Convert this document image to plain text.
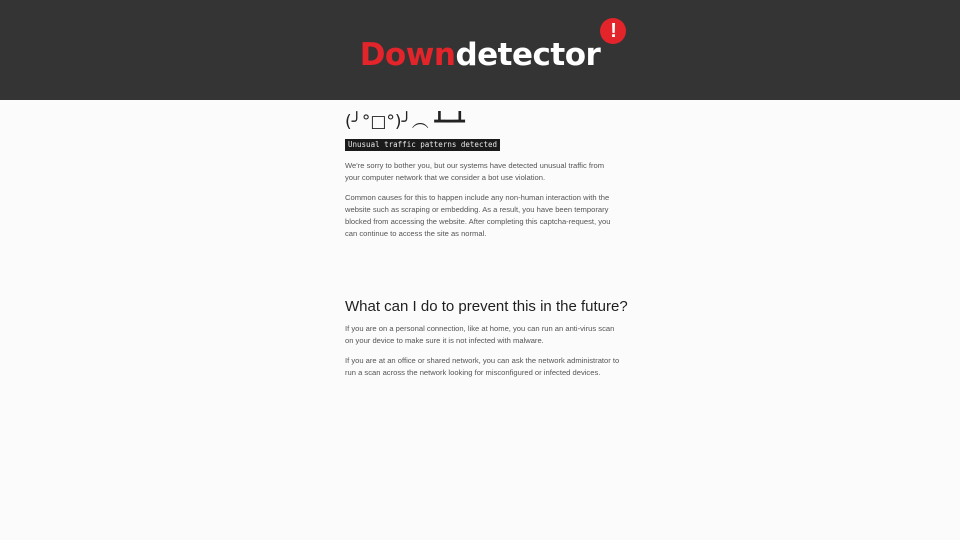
Downdetector
!

(╯°□°)╯︵ ┻━┻

Unusual traffic patterns detected

We're sorry to bother you, but our systems have detected unusual traffic from your computer network that we consider a bot use violation.

Common causes for this to happen include any non-human interaction with the website such as scraping or embedding. As a result, you have been temporary blocked from accessing the website. After completing this captcha-request, you can continue to access the site as normal.

What can I do to prevent this in the future?

If you are on a personal connection, like at home, you can run an anti-virus scan on your device to make sure it is not infected with malware.

If you are at an office or shared network, you can ask the network administrator to run a scan across the network looking for misconfigured or infected devices.
